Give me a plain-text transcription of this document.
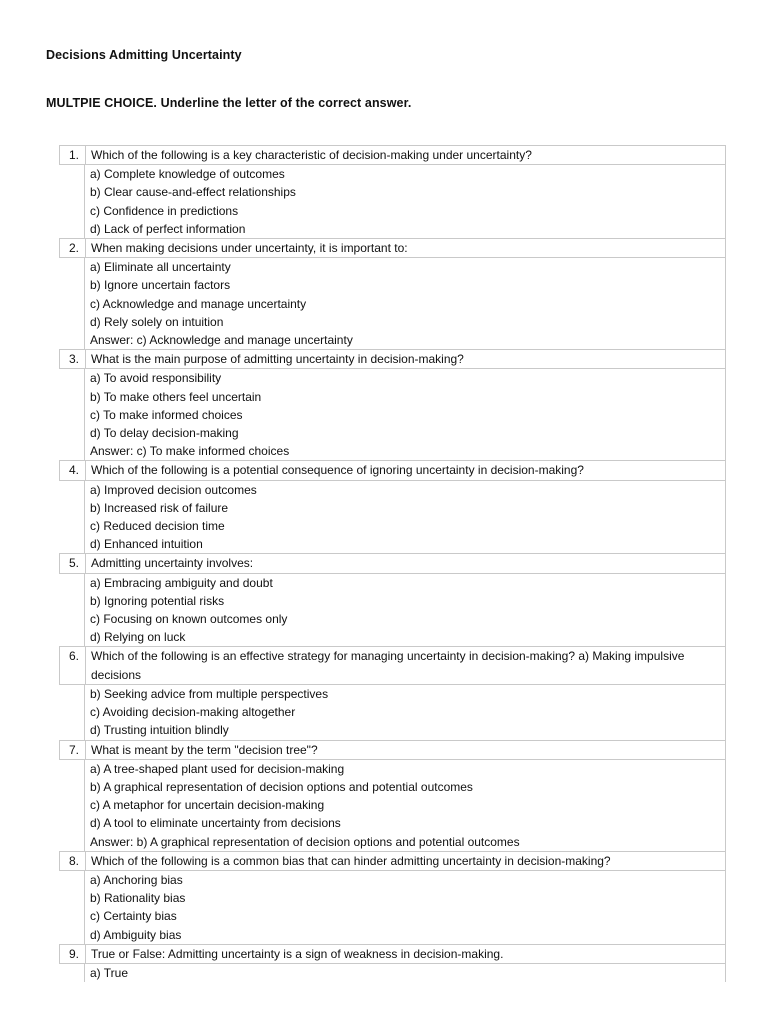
Decisions Admitting Uncertainty
MULTPIE CHOICE. Underline the letter of the correct answer.
1.	Which of the following is a key characteristic of decision-making under uncertainty?
a) Complete knowledge of outcomes
b) Clear cause-and-effect relationships
c) Confidence in predictions
d) Lack of perfect information
2.	When making decisions under uncertainty, it is important to:
a) Eliminate all uncertainty
b) Ignore uncertain factors
c) Acknowledge and manage uncertainty
d) Rely solely on intuition
Answer: c) Acknowledge and manage uncertainty
3.	What is the main purpose of admitting uncertainty in decision-making?
a) To avoid responsibility
b) To make others feel uncertain
c) To make informed choices
d) To delay decision-making
Answer: c) To make informed choices
4.	Which of the following is a potential consequence of ignoring uncertainty in decision-making?
a) Improved decision outcomes
b) Increased risk of failure
c) Reduced decision time
d) Enhanced intuition
5.	Admitting uncertainty involves:
a) Embracing ambiguity and doubt
b) Ignoring potential risks
c) Focusing on known outcomes only
d) Relying on luck
6.	Which of the following is an effective strategy for managing uncertainty in decision-making? a) Making impulsive decisions
b) Seeking advice from multiple perspectives
c) Avoiding decision-making altogether
d) Trusting intuition blindly
7.	What is meant by the term "decision tree"?
a) A tree-shaped plant used for decision-making
b) A graphical representation of decision options and potential outcomes
c) A metaphor for uncertain decision-making
d) A tool to eliminate uncertainty from decisions
Answer: b) A graphical representation of decision options and potential outcomes
8.	Which of the following is a common bias that can hinder admitting uncertainty in decision-making?
a) Anchoring bias
b) Rationality bias
c) Certainty bias
d) Ambiguity bias
9.	True or False: Admitting uncertainty is a sign of weakness in decision-making.
a) True
